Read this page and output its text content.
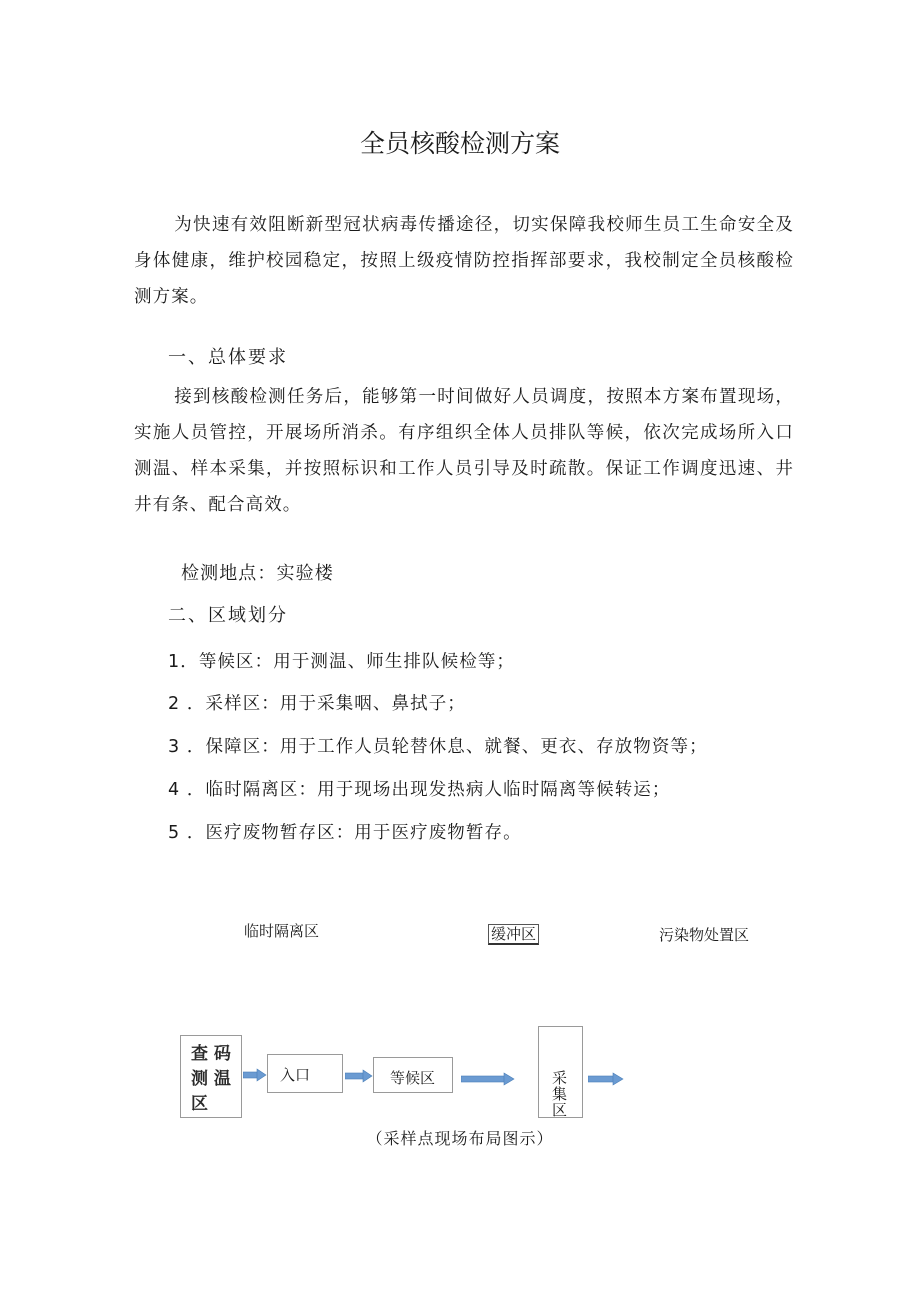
全员核酸检测方案

为快速有效阻断新型冠状病毒传播途径，切实保障我校师生员工生命安全及身体健康，维护校园稳定，按照上级疫情防控指挥部要求，我校制定全员核酸检测方案。

一、总体要求

接到核酸检测任务后，能够第一时间做好人员调度，按照本方案布置现场，实施人员管控，开展场所消杀。有序组织全体人员排队等候，依次完成场所入口测温、样本采集，并按照标识和工作人员引导及时疏散。保证工作调度迅速、井井有条、配合高效。

检测地点：实验楼
二、区域划分
1．等候区：用于测温、师生排队候检等；
2 ．采样区：用于采集咽、鼻拭子；
3 ．保障区：用于工作人员轮替休息、就餐、更衣、存放物资等；
4 ．临时隔离区：用于现场出现发热病人临时隔离等候转运；
5 ．医疗废物暂存区：用于医疗废物暂存。
临时隔离区	缓冲区	污染物处置区
查 码
测 温
区
入口	等候区	采
集
区
（采样点现场布局图示）
